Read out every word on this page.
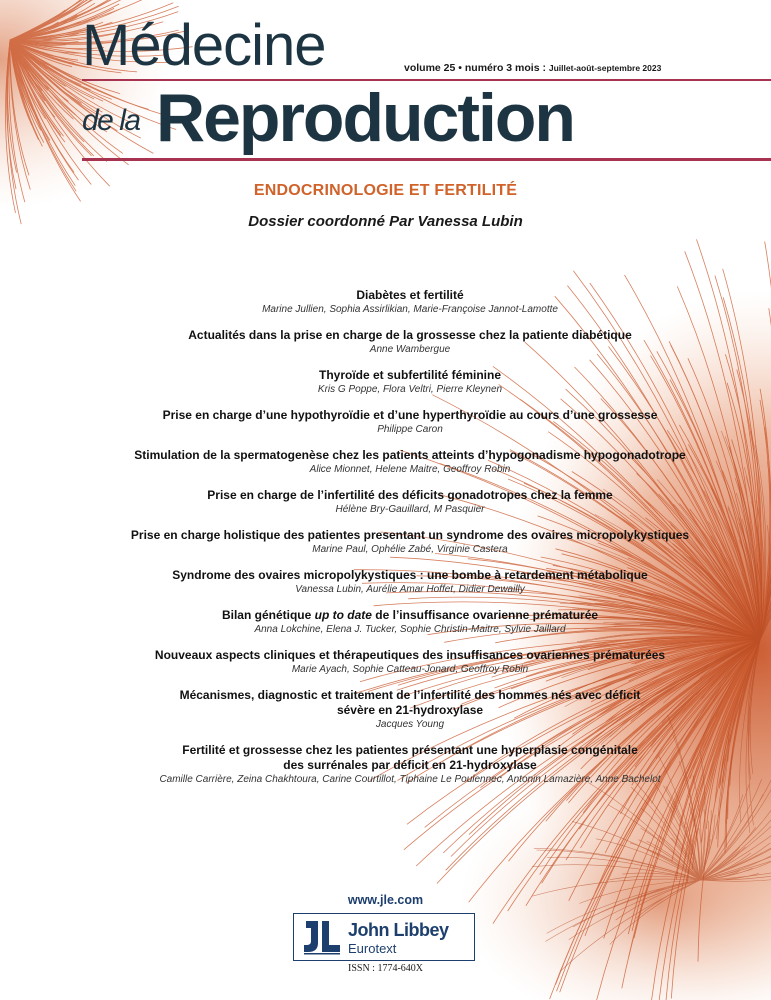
Médecine	volume 25 • numéro 3 mois : Juillet-août-septembre 2023
de la Reproduction
ENDOCRINOLOGIE ET FERTILITÉ
Dossier coordonné Par Vanessa Lubin
Diabètes et fertilité
Marine Jullien, Sophia Assirlikian, Marie-Françoise Jannot-Lamotte
Actualités dans la prise en charge de la grossesse chez la patiente diabétique
Anne Wambergue
Thyroïde et subfertilité féminine
Kris G Poppe, Flora Veltri, Pierre Kleynen
Prise en charge d’une hypothyroïdie et d’une hyperthyroïdie au cours d’une grossesse
Philippe Caron
Stimulation de la spermatogenèse chez les patients atteints d’hypogonadisme hypogonadotrope
Alice Mionnet, Helene Maitre, Geoffroy Robin
Prise en charge de l’infertilité des déficits gonadotropes chez la femme
Hélène Bry-Gauillard, M Pasquier
Prise en charge holistique des patientes presentant un syndrome des ovaires micropolykystiques
Marine Paul, Ophélie Zabé, Virginie Castera
Syndrome des ovaires micropolykystiques : une bombe à retardement métabolique
Vanessa Lubin, Aurélie Amar Hoffet, Didier Dewailly
Bilan génétique up to date de l’insuffisance ovarienne prématurée
Anna Lokchine, Elena J. Tucker, Sophie Christin-Maitre, Sylvie Jaillard
Nouveaux aspects cliniques et thérapeutiques des insuffisances ovariennes prématurées
Marie Ayach, Sophie Catteau-Jonard, Geoffroy Robin
Mécanismes, diagnostic et traitement de l’infertilité des hommes nés avec déficit
sévère en 21-hydroxylase
Jacques Young
Fertilité et grossesse chez les patientes présentant une hyperplasie congénitale
des surrénales par déficit en 21-hydroxylase
Camille Carrière, Zeina Chakhtoura, Carine Courtillot, Tiphaine Le Poulennec, Antonin Lamazière, Anne Bachelot
www.jle.com
John Libbey
Eurotext
ISSN : 1774-640X
